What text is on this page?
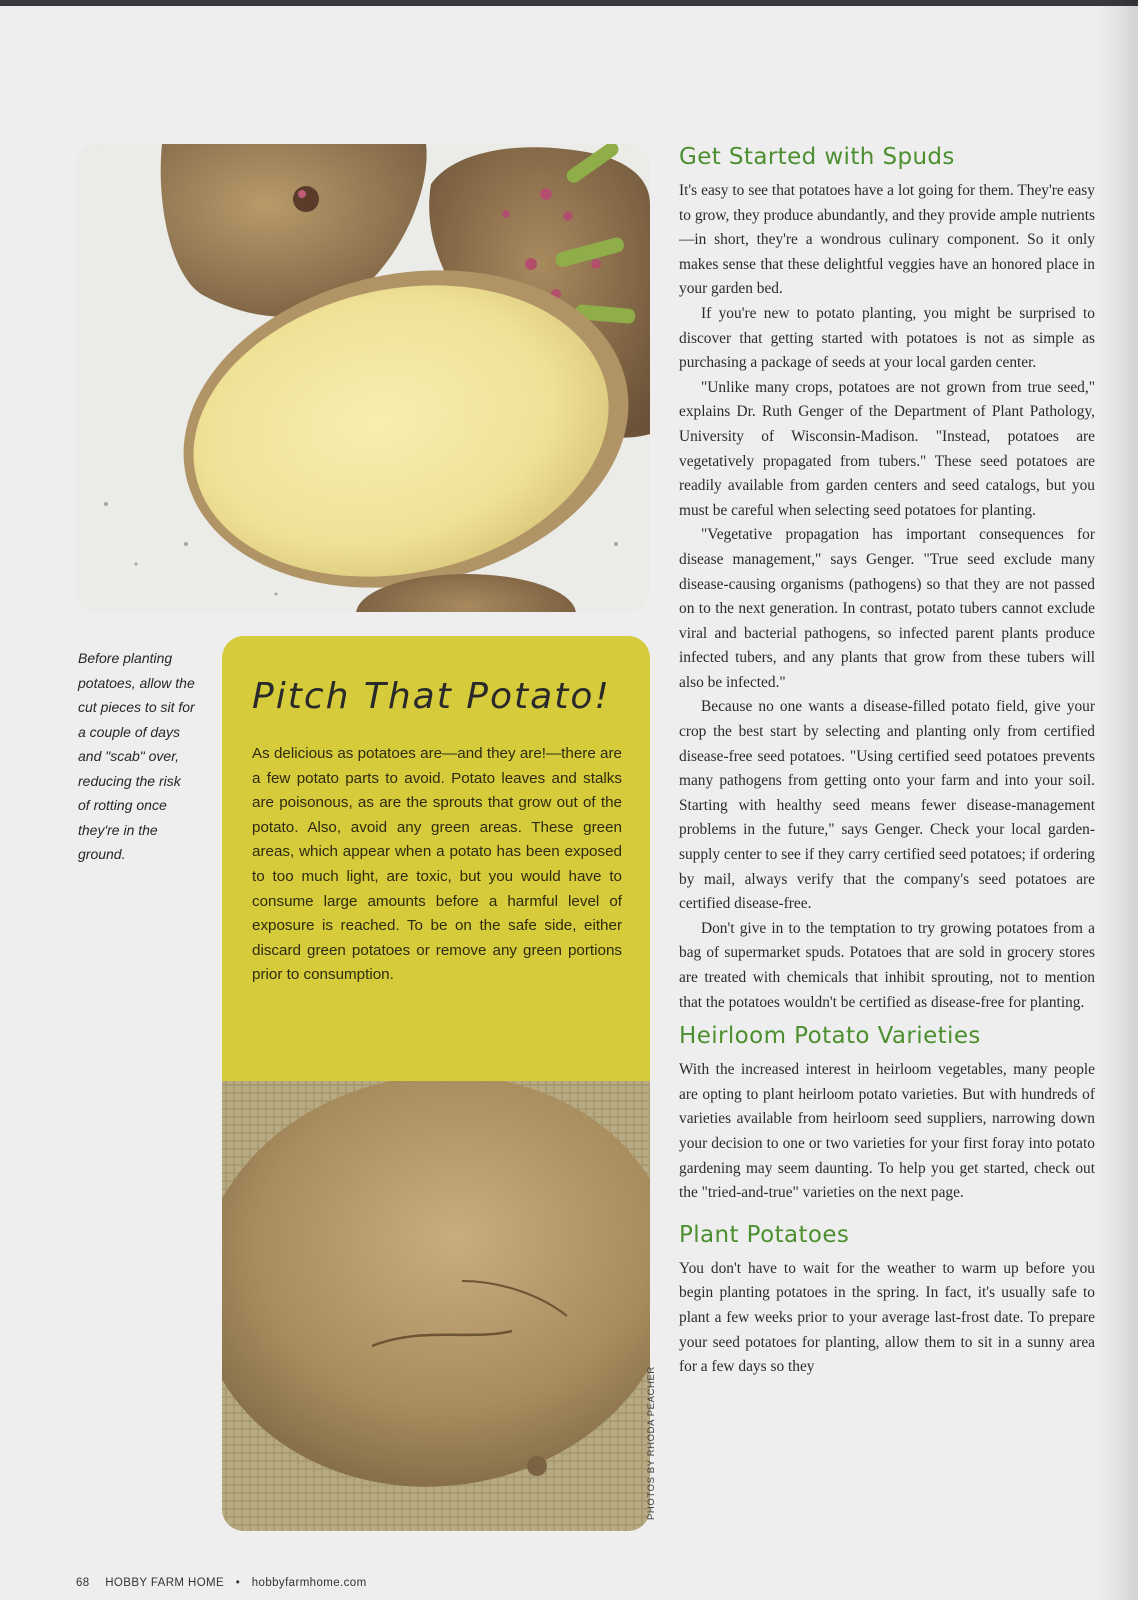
Before planting potatoes, allow the cut pieces to sit for a couple of days and "scab" over, reducing the risk of rotting once they're in the ground.
Pitch That Potato!

As delicious as potatoes are—and they are!—there are a few potato parts to avoid. Potato leaves and stalks are poisonous, as are the sprouts that grow out of the potato. Also, avoid any green areas. These green areas, which appear when a potato has been exposed to too much light, are toxic, but you would have to consume large amounts before a harmful level of exposure is reached. To be on the safe side, either discard green potatoes or remove any green portions prior to consumption.

PHOTOS BY RHODA PEACHER
Get Started with Spuds

It's easy to see that potatoes have a lot going for them. They're easy to grow, they produce abundantly, and they provide ample nutrients—in short, they're a wondrous culinary component. So it only makes sense that these delightful veggies have an honored place in your garden bed.

If you're new to potato planting, you might be surprised to discover that getting started with potatoes is not as simple as purchasing a package of seeds at your local garden center.

"Unlike many crops, potatoes are not grown from true seed," explains Dr. Ruth Genger of the Department of Plant Pathology, University of Wisconsin-Madison. "Instead, potatoes are vegetatively propagated from tubers." These seed potatoes are readily available from garden centers and seed catalogs, but you must be careful when selecting seed potatoes for planting.

"Vegetative propagation has important consequences for disease management," says Genger. "True seed exclude many disease-causing organisms (pathogens) so that they are not passed on to the next generation. In contrast, potato tubers cannot exclude viral and bacterial pathogens, so infected parent plants produce infected tubers, and any plants that grow from these tubers will also be infected."

Because no one wants a disease-filled potato field, give your crop the best start by selecting and planting only from certified disease-free seed potatoes. "Using certified seed potatoes prevents many pathogens from getting onto your farm and into your soil. Starting with healthy seed means fewer disease-management problems in the future," says Genger. Check your local garden-supply center to see if they carry certified seed potatoes; if ordering by mail, always verify that the company's seed potatoes are certified disease-free.

Don't give in to the temptation to try growing potatoes from a bag of supermarket spuds. Potatoes that are sold in grocery stores are treated with chemicals that inhibit sprouting, not to mention that the potatoes wouldn't be certified as disease-free for planting.

Heirloom Potato Varieties

With the increased interest in heirloom vegetables, many people are opting to plant heirloom potato varieties. But with hundreds of varieties available from heirloom seed suppliers, narrowing down your decision to one or two varieties for your first foray into potato gardening may seem daunting. To help you get started, check out the "tried-and-true" varieties on the next page.

Plant Potatoes

You don't have to wait for the weather to warm up before you begin planting potatoes in the spring. In fact, it's usually safe to plant a few weeks prior to your average last-frost date. To prepare your seed potatoes for planting, allow them to sit in a sunny area for a few days so they

68 HOBBY FARM HOME • hobbyfarmhome.com
